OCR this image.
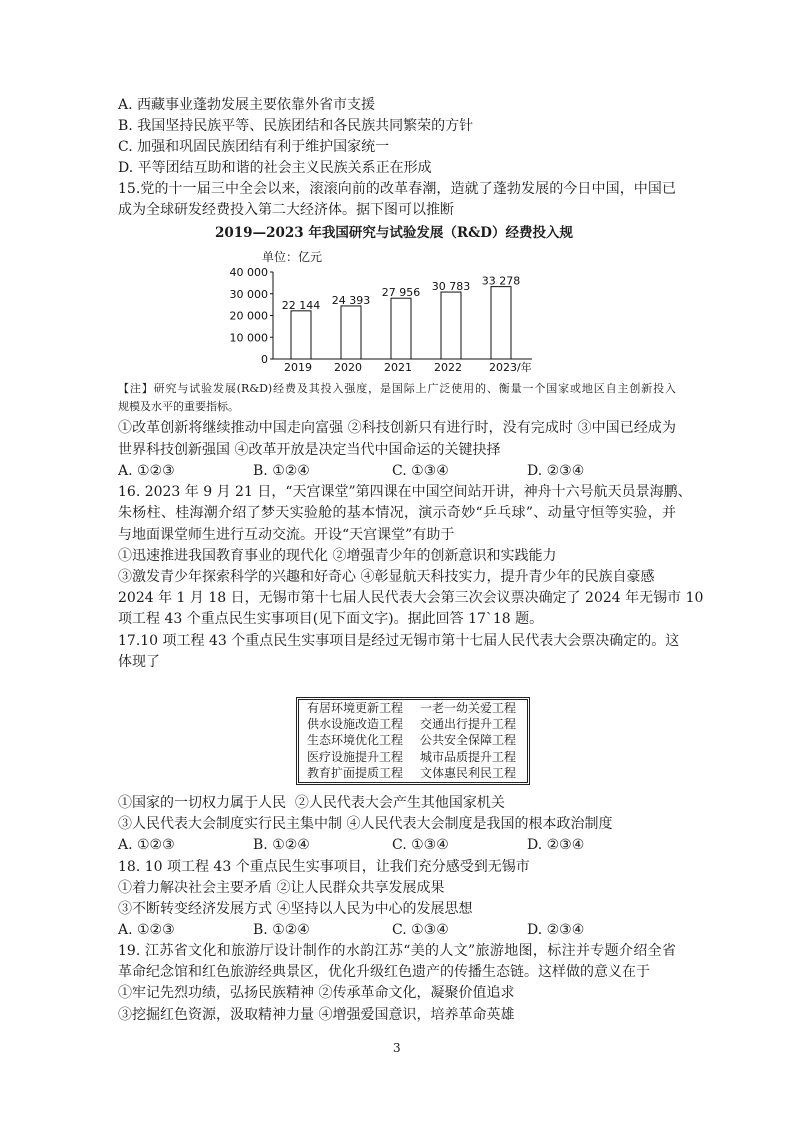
A. 西藏事业蓬勃发展主要依靠外省市支援
B. 我国坚持民族平等、民族团结和各民族共同繁荣的方针
C. 加强和巩固民族团结有利于维护国家统一
D. 平等团结互助和谐的社会主义民族关系正在形成
15.党的十一届三中全会以来，滚滚向前的改革春潮，造就了蓬勃发展的今日中国，中国已
成为全球研发经费投入第二大经济体。据下图可以推断
2019—2023 年我国研究与试验发展（R&D）经费投入规
单位：亿元
0
10 000
20 000
30 000
40 000
22 144
2019
24 393
2020
27 956
2021
30 783
2022
33 278
2023/年
【注】研究与试验发展(R&D)经费及其投入强度，是国际上广泛使用的、衡量一个国家或地区自主创新投入
规模及水平的重要指标。
①改革创新将继续推动中国走向富强 ②科技创新只有进行时，没有完成时 ③中国已经成为
世界科技创新强国 ④改革开放是决定当代中国命运的关键抉择
A. ①②③	B. ①②④	C. ①③④	D. ②③④
16. 2023 年 9 月 21 日，“天宫课堂”第四课在中国空间站开讲，神舟十六号航天员景海鹏、
朱杨柱、桂海潮介绍了梦天实验舱的基本情况，演示奇妙“乒乓球”、动量守恒等实验，并
与地面课堂师生进行互动交流。开设“天宫课堂”有助于
①迅速推进我国教育事业的现代化 ②增强青少年的创新意识和实践能力
③激发青少年探索科学的兴趣和好奇心 ④彰显航天科技实力，提升青少年的民族自豪感
2024 年 1 月 18 日，无锡市第十七届人民代表大会第三次会议票决确定了 2024 年无锡市 10
项工程 43 个重点民生实事项目(见下面文字)。据此回答 17`18 题。
17.10 项工程 43 个重点民生实事项目是经过无锡市第十七届人民代表大会票决确定的。这
体现了
有居环境更新工程 一老一幼关爱工程
供水设施改造工程 交通出行提升工程
生态环境优化工程 公共安全保障工程
医疗设施提升工程 城市品质提升工程
教育扩面提质工程 文体惠民利民工程
①国家的一切权力属于人民  ②人民代表大会产生其他国家机关
③人民代表大会制度实行民主集中制 ④人民代表大会制度是我国的根本政治制度
A. ①②③	B. ①②④	C. ①③④	D. ②③④
18. 10 项工程 43 个重点民生实事项目，让我们充分感受到无锡市
①着力解决社会主要矛盾 ②让人民群众共享发展成果
③不断转变经济发展方式 ④坚持以人民为中心的发展思想
A. ①②③	B. ①②④	C. ①③④	D. ②③④
19. 江苏省文化和旅游厅设计制作的水韵江苏“美的人文”旅游地图，标注并专题介绍全省
革命纪念馆和红色旅游经典景区，优化升级红色遗产的传播生态链。这样做的意义在于
①牢记先烈功绩，弘扬民族精神 ②传承革命文化，凝聚价值追求
③挖掘红色资源，汲取精神力量 ④增强爱国意识，培养革命英雄
3
